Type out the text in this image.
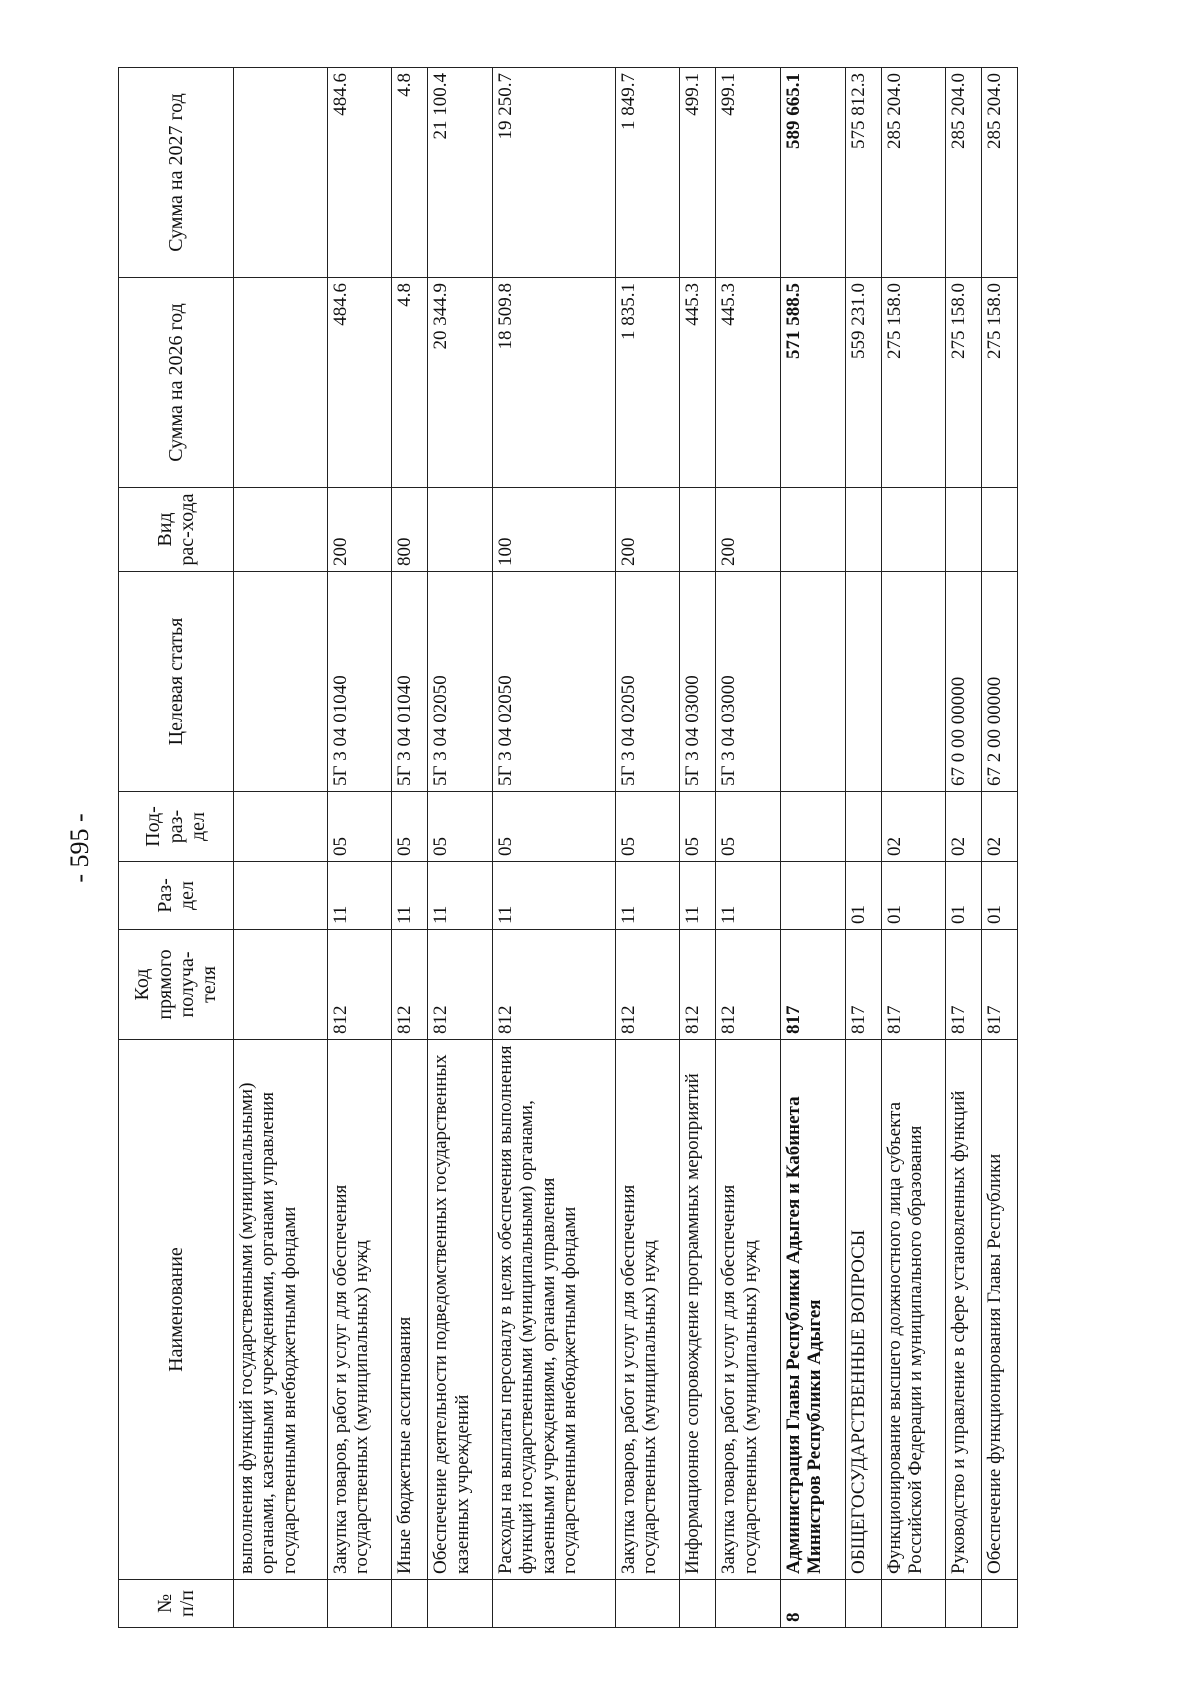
- 595 -
№ п/п	Наименование	Код прямого получа-теля	Раз-дел	Под-раз-дел	Целевая статья	Вид рас-хода	Сумма на 2026 год	Сумма на 2027 год
	выполнения функций государственными (муниципальными) органами, казенными учреждениями, органами управления государственными внебюджетными фондами							
	Закупка товаров, работ и услуг для обеспечения государственных (муниципальных) нужд	812	11	05	5Г 3 04 01040	200	484.6	484.6
	Иные бюджетные ассигнования	812	11	05	5Г 3 04 01040	800	4.8	4.8
	Обеспечение деятельности подведомственных государственных казенных учреждений	812	11	05	5Г 3 04 02050		20 344.9	21 100.4
	Расходы на выплаты персоналу в целях обеспечения выполнения функций государственными (муниципальными) органами, казенными учреждениями, органами управления государственными внебюджетными фондами	812	11	05	5Г 3 04 02050	100	18 509.8	19 250.7
	Закупка товаров, работ и услуг для обеспечения государственных (муниципальных) нужд	812	11	05	5Г 3 04 02050	200	1 835.1	1 849.7
	Информационное сопровождение программных мероприятий	812	11	05	5Г 3 04 03000		445.3	499.1
	Закупка товаров, работ и услуг для обеспечения государственных (муниципальных) нужд	812	11	05	5Г 3 04 03000	200	445.3	499.1
8	Администрация Главы Республики Адыгея и Кабинета Министров Республики Адыгея	817					571 588.5	589 665.1
	ОБЩЕГОСУДАРСТВЕННЫЕ ВОПРОСЫ	817	01				559 231.0	575 812.3
	Функционирование высшего должностного лица субъекта Российской Федерации и муниципального образования	817	01	02			275 158.0	285 204.0
	Руководство и управление в сфере установленных функций	817	01	02	67 0 00 00000		275 158.0	285 204.0
	Обеспечение функционирования Главы Республики	817	01	02	67 2 00 00000		275 158.0	285 204.0
